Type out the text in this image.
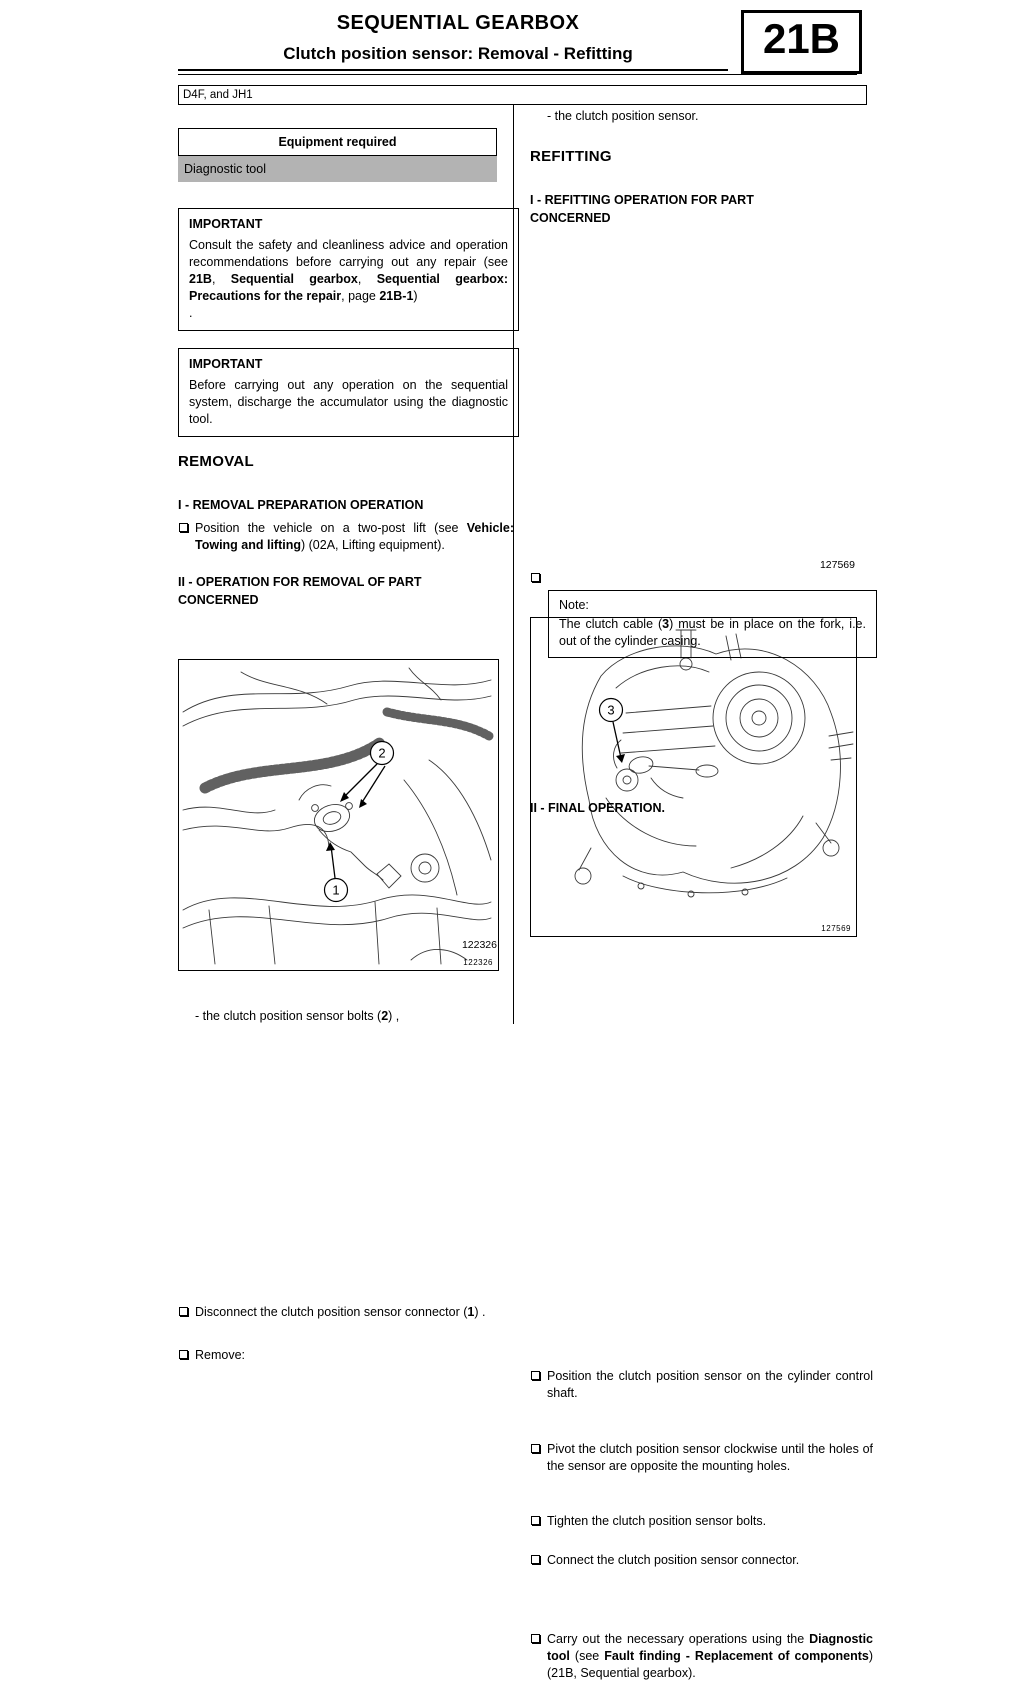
SEQUENTIAL GEARBOX
Clutch position sensor: Removal - Refitting	21B
D4F, and JH1
Equipment required
Diagnostic tool
IMPORTANT
Consult the safety and cleanliness advice and operation recommendations before carrying out any repair (see 21B, Sequential gearbox, Sequential gearbox: Precautions for the repair, page 21B-1)
.
IMPORTANT
Before carrying out any operation on the sequential system, discharge the accumulator using the diagnostic tool.
REMOVAL
I - REMOVAL PREPARATION OPERATION
Position the vehicle on a two-post lift (see Vehicle: Towing and lifting) (02A, Lifting equipment).
II - OPERATION FOR REMOVAL OF PART CONCERNED
2
1
122326
122326
Disconnect the clutch position sensor connector (1) .
Remove:
- the clutch position sensor bolts (2) ,
- the clutch position sensor.
REFITTING
I - REFITTING OPERATION FOR PART CONCERNED
3
127569
127569
Note:
The clutch cable (3) must be in place on the fork, i.e. out of the cylinder casing.
Position the clutch position sensor on the cylinder control shaft.
Pivot the clutch position sensor clockwise until the holes of the sensor are opposite the mounting holes.
Tighten the clutch position sensor bolts.
Connect the clutch position sensor connector.
II - FINAL OPERATION.
Carry out the necessary operations using the Diagnostic tool (see Fault finding - Replacement of components) (21B, Sequential gearbox).
